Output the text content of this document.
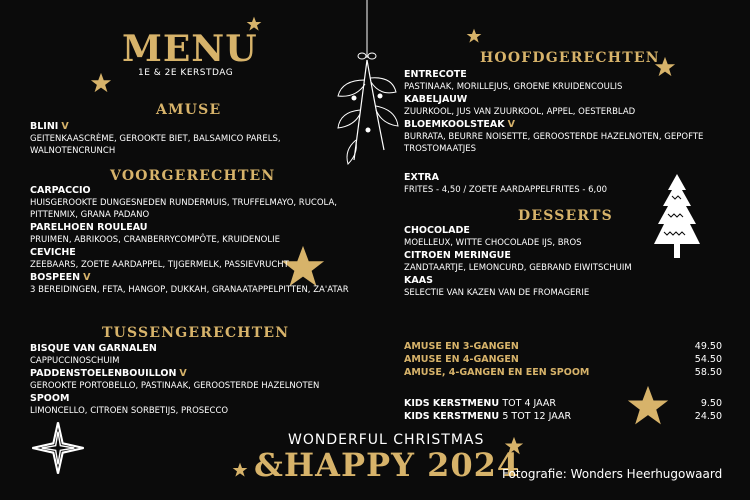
MENU
1E & 2E KERSTDAG
AMUSE
BLINI V
GEITENKAASCRÈME, GEROOKTE BIET, BALSAMICO PARELS, WALNOTENCRUNCH
VOORGERECHTEN
CARPACCIO
HUISGEROOKTE DUNGESNEDEN RUNDERMUIS, TRUFFELMAYO, RUCOLA, PITTENMIX, GRANA PADANO
PARELHOEN ROULEAU
PRUIMEN, ABRIKOOS, CRANBERRYCOMPÔTE, KRUIDENOLIE
CEVICHE
ZEEBAARS, ZOETE AARDAPPEL, TIJGERMELK, PASSIEVRUCHT
BOSPEEN V
3 BEREIDINGEN, FETA, HANGOP, DUKKAH, GRANAATAPPELPITTEN, ZA'ATAR
TUSSENGERECHTEN
BISQUE VAN GARNALEN
CAPPUCCINOSCHUIM
PADDENSTOELENBOUILLON V
GEROOKTE PORTOBELLO, PASTINAAK, GEROOSTERDE HAZELNOTEN
SPOOM
LIMONCELLO, CITROEN SORBETIJS, PROSECCO
HOOFDGERECHTEN
ENTRECOTE
PASTINAAK, MORILLEJUS, GROENE KRUIDENCOULIS
KABELJAUW
ZUURKOOL, JUS VAN ZUURKOOL, APPEL, OESTERBLAD
BLOEMKOOLSTEAK V
BURRATA, BEURRE NOISETTE, GEROOSTERDE HAZELNOTEN, GEPOFTE TROSTOMAATJES
EXTRA
FRITES - 4,50 / ZOETE AARDAPPELFRITES - 6,00
DESSERTS
CHOCOLADE
MOELLEUX, WITTE CHOCOLADE IJS, BROS
CITROEN MERINGUE
ZANDTAARTJE, LEMONCURD, GEBRAND EIWITSCHUIM
KAAS
SELECTIE VAN KAZEN VAN DE FROMAGERIE
AMUSE EN 3-GANGEN	49.50
AMUSE EN 4-GANGEN	54.50
AMUSE, 4-GANGEN EN EEN SPOOM	58.50
KIDS KERSTMENU TOT 4 JAAR	9.50
KIDS KERSTMENU 5 TOT 12 JAAR	24.50
WONDERFUL CHRISTMAS
&HAPPY 2024
Fotografie: Wonders Heerhugowaard
